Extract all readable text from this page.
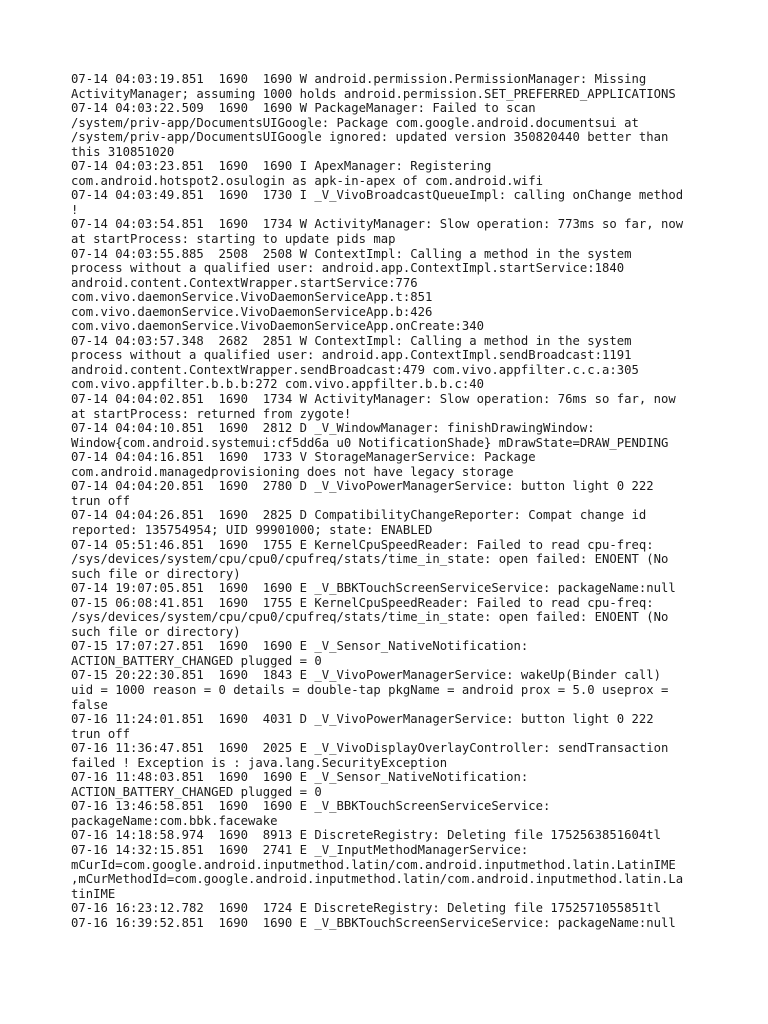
07-14 04:03:19.851  1690  1690 W android.permission.PermissionManager: Missing
ActivityManager; assuming 1000 holds android.permission.SET_PREFERRED_APPLICATIONS
07-14 04:03:22.509  1690  1690 W PackageManager: Failed to scan
/system/priv-app/DocumentsUIGoogle: Package com.google.android.documentsui at
/system/priv-app/DocumentsUIGoogle ignored: updated version 350820440 better than
this 310851020
07-14 04:03:23.851  1690  1690 I ApexManager: Registering
com.android.hotspot2.osulogin as apk-in-apex of com.android.wifi
07-14 04:03:49.851  1690  1730 I _V_VivoBroadcastQueueImpl: calling onChange method
!
07-14 04:03:54.851  1690  1734 W ActivityManager: Slow operation: 773ms so far, now
at startProcess: starting to update pids map
07-14 04:03:55.885  2508  2508 W ContextImpl: Calling a method in the system
process without a qualified user: android.app.ContextImpl.startService:1840
android.content.ContextWrapper.startService:776
com.vivo.daemonService.VivoDaemonServiceApp.t:851
com.vivo.daemonService.VivoDaemonServiceApp.b:426
com.vivo.daemonService.VivoDaemonServiceApp.onCreate:340
07-14 04:03:57.348  2682  2851 W ContextImpl: Calling a method in the system
process without a qualified user: android.app.ContextImpl.sendBroadcast:1191
android.content.ContextWrapper.sendBroadcast:479 com.vivo.appfilter.c.c.a:305
com.vivo.appfilter.b.b.b:272 com.vivo.appfilter.b.b.c:40
07-14 04:04:02.851  1690  1734 W ActivityManager: Slow operation: 76ms so far, now
at startProcess: returned from zygote!
07-14 04:04:10.851  1690  2812 D _V_WindowManager: finishDrawingWindow:
Window{com.android.systemui:cf5dd6a u0 NotificationShade} mDrawState=DRAW_PENDING
07-14 04:04:16.851  1690  1733 V StorageManagerService: Package
com.android.managedprovisioning does not have legacy storage
07-14 04:04:20.851  1690  2780 D _V_VivoPowerManagerService: button light 0 222
trun off
07-14 04:04:26.851  1690  2825 D CompatibilityChangeReporter: Compat change id
reported: 135754954; UID 99901000; state: ENABLED
07-14 05:51:46.851  1690  1755 E KernelCpuSpeedReader: Failed to read cpu-freq:
/sys/devices/system/cpu/cpu0/cpufreq/stats/time_in_state: open failed: ENOENT (No
such file or directory)
07-14 19:07:05.851  1690  1690 E _V_BBKTouchScreenServiceService: packageName:null
07-15 06:08:41.851  1690  1755 E KernelCpuSpeedReader: Failed to read cpu-freq:
/sys/devices/system/cpu/cpu0/cpufreq/stats/time_in_state: open failed: ENOENT (No
such file or directory)
07-15 17:07:27.851  1690  1690 E _V_Sensor_NativeNotification:
ACTION_BATTERY_CHANGED plugged = 0
07-15 20:22:30.851  1690  1843 E _V_VivoPowerManagerService: wakeUp(Binder call)
uid = 1000 reason = 0 details = double-tap pkgName = android prox = 5.0 useprox =
false
07-16 11:24:01.851  1690  4031 D _V_VivoPowerManagerService: button light 0 222
trun off
07-16 11:36:47.851  1690  2025 E _V_VivoDisplayOverlayController: sendTransaction
failed ! Exception is : java.lang.SecurityException
07-16 11:48:03.851  1690  1690 E _V_Sensor_NativeNotification:
ACTION_BATTERY_CHANGED plugged = 0
07-16 13:46:58.851  1690  1690 E _V_BBKTouchScreenServiceService:
packageName:com.bbk.facewake
07-16 14:18:58.974  1690  8913 E DiscreteRegistry: Deleting file 1752563851604tl
07-16 14:32:15.851  1690  2741 E _V_InputMethodManagerService:
mCurId=com.google.android.inputmethod.latin/com.android.inputmethod.latin.LatinIME
,mCurMethodId=com.google.android.inputmethod.latin/com.android.inputmethod.latin.La
tinIME
07-16 16:23:12.782  1690  1724 E DiscreteRegistry: Deleting file 1752571055851tl
07-16 16:39:52.851  1690  1690 E _V_BBKTouchScreenServiceService: packageName:null
